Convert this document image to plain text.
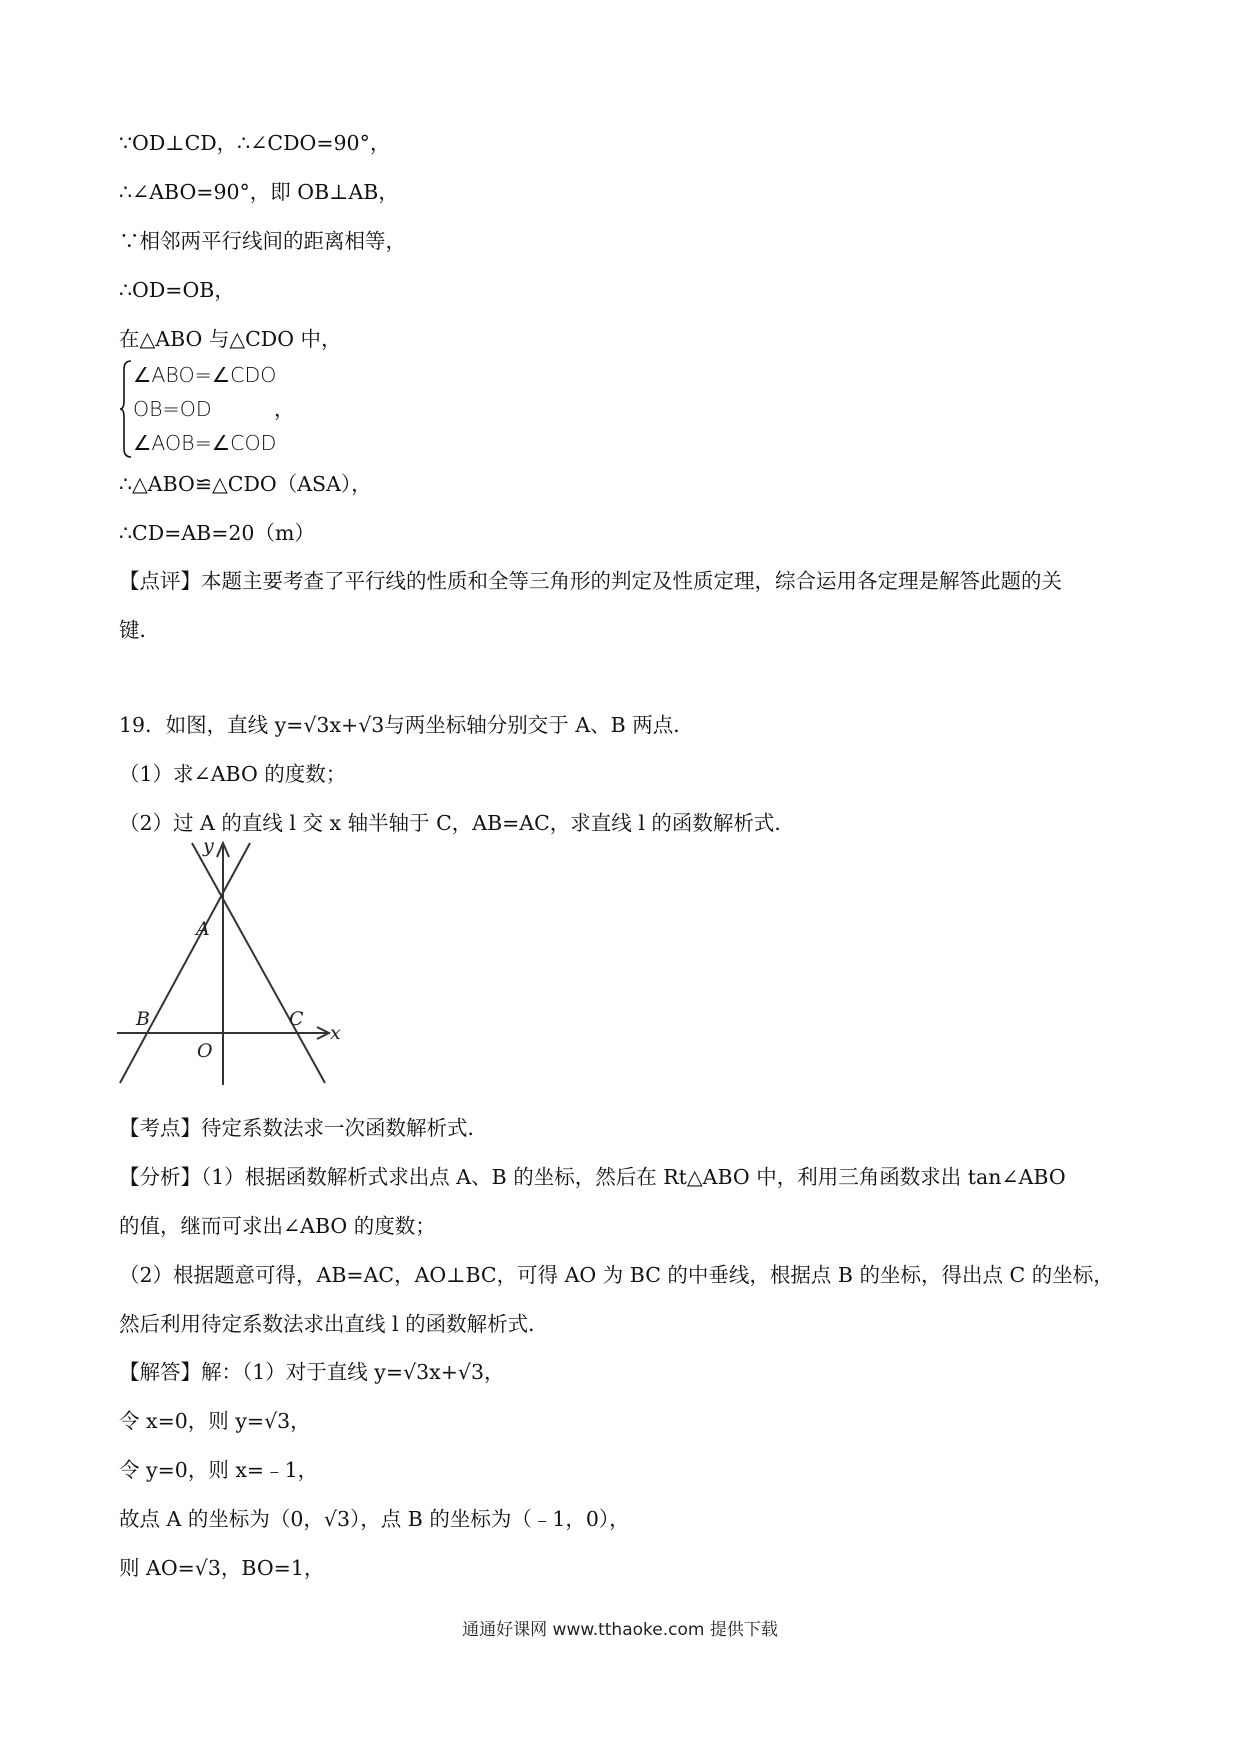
∵OD⊥CD，∴∠CDO=90°，
∴∠ABO=90°，即 OB⊥AB，
∵相邻两平行线间的距离相等，
∴OD=OB，
在△ABO 与△CDO 中，
∠ABO=∠CDO
OB=OD
∠AOB=∠COD
，
∴△ABO≌△CDO（ASA），
∴CD=AB=20（m）
【点评】本题主要考查了平行线的性质和全等三角形的判定及性质定理，综合运用各定理是解答此题的关
键．
19．如图，直线 y=√3x+√3与两坐标轴分别交于 A、B 两点．
（1）求∠ABO 的度数；
（2）过 A 的直线 l 交 x 轴半轴于 C，AB=AC，求直线 l 的函数解析式．
y
x
A
B	C
O
【考点】待定系数法求一次函数解析式．
【分析】（1）根据函数解析式求出点 A、B 的坐标，然后在 Rt△ABO 中，利用三角函数求出 tan∠ABO
的值，继而可求出∠ABO 的度数；
（2）根据题意可得，AB=AC，AO⊥BC，可得 AO 为 BC 的中垂线，根据点 B 的坐标，得出点 C 的坐标，
然后利用待定系数法求出直线 l 的函数解析式．
【解答】解：（1）对于直线 y=√3x+√3，
令 x=0，则 y=√3，
令 y=0，则 x=﹣1，
故点 A 的坐标为（0，√3），点 B 的坐标为（﹣1，0），
则 AO=√3，BO=1，
通通好课网 www.tthaoke.com 提供下载
